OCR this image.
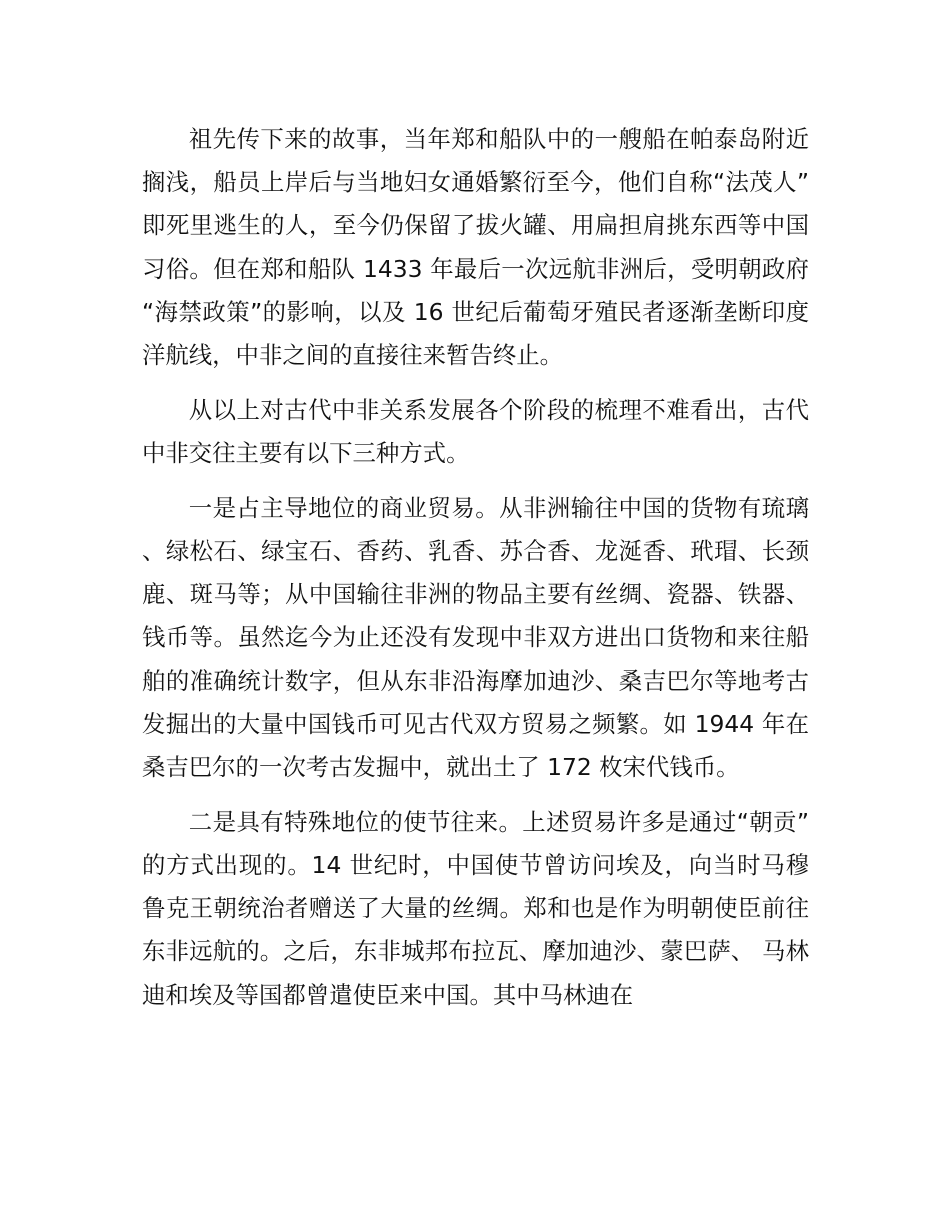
祖先传下来的故事，当年郑和船队中的一艘船在帕泰岛附近搁浅，船员上岸后与当地妇女通婚繁衍至今，他们自称“法茂人”即死里逃生的人，至今仍保留了拔火罐、用扁担肩挑东西等中国习俗。但在郑和船队 1433 年最后一次远航非洲后，受明朝政府“海禁政策”的影响，以及 16 世纪后葡萄牙殖民者逐渐垄断印度洋航线，中非之间的直接往来暂告终止。

从以上对古代中非关系发展各个阶段的梳理不难看出，古代中非交往主要有以下三种方式。

一是占主导地位的商业贸易。从非洲输往中国的货物有琉璃、绿松石、绿宝石、香药、乳香、苏合香、龙涎香、玳瑁、长颈鹿、斑马等；从中国输往非洲的物品主要有丝绸、瓷器、铁器、钱币等。虽然迄今为止还没有发现中非双方进出口货物和来往船舶的准确统计数字，但从东非沿海摩加迪沙、桑吉巴尔等地考古发掘出的大量中国钱币可见古代双方贸易之频繁。如 1944 年在桑吉巴尔的一次考古发掘中，就出土了 172 枚宋代钱币。

二是具有特殊地位的使节往来。上述贸易许多是通过“朝贡”的方式出现的。14 世纪时，中国使节曾访问埃及，向当时马穆鲁克王朝统治者赠送了大量的丝绸。郑和也是作为明朝使臣前往东非远航的。之后，东非城邦布拉瓦、摩加迪沙、蒙巴萨、 马林迪和埃及等国都曾遣使臣来中国。其中马林迪在
